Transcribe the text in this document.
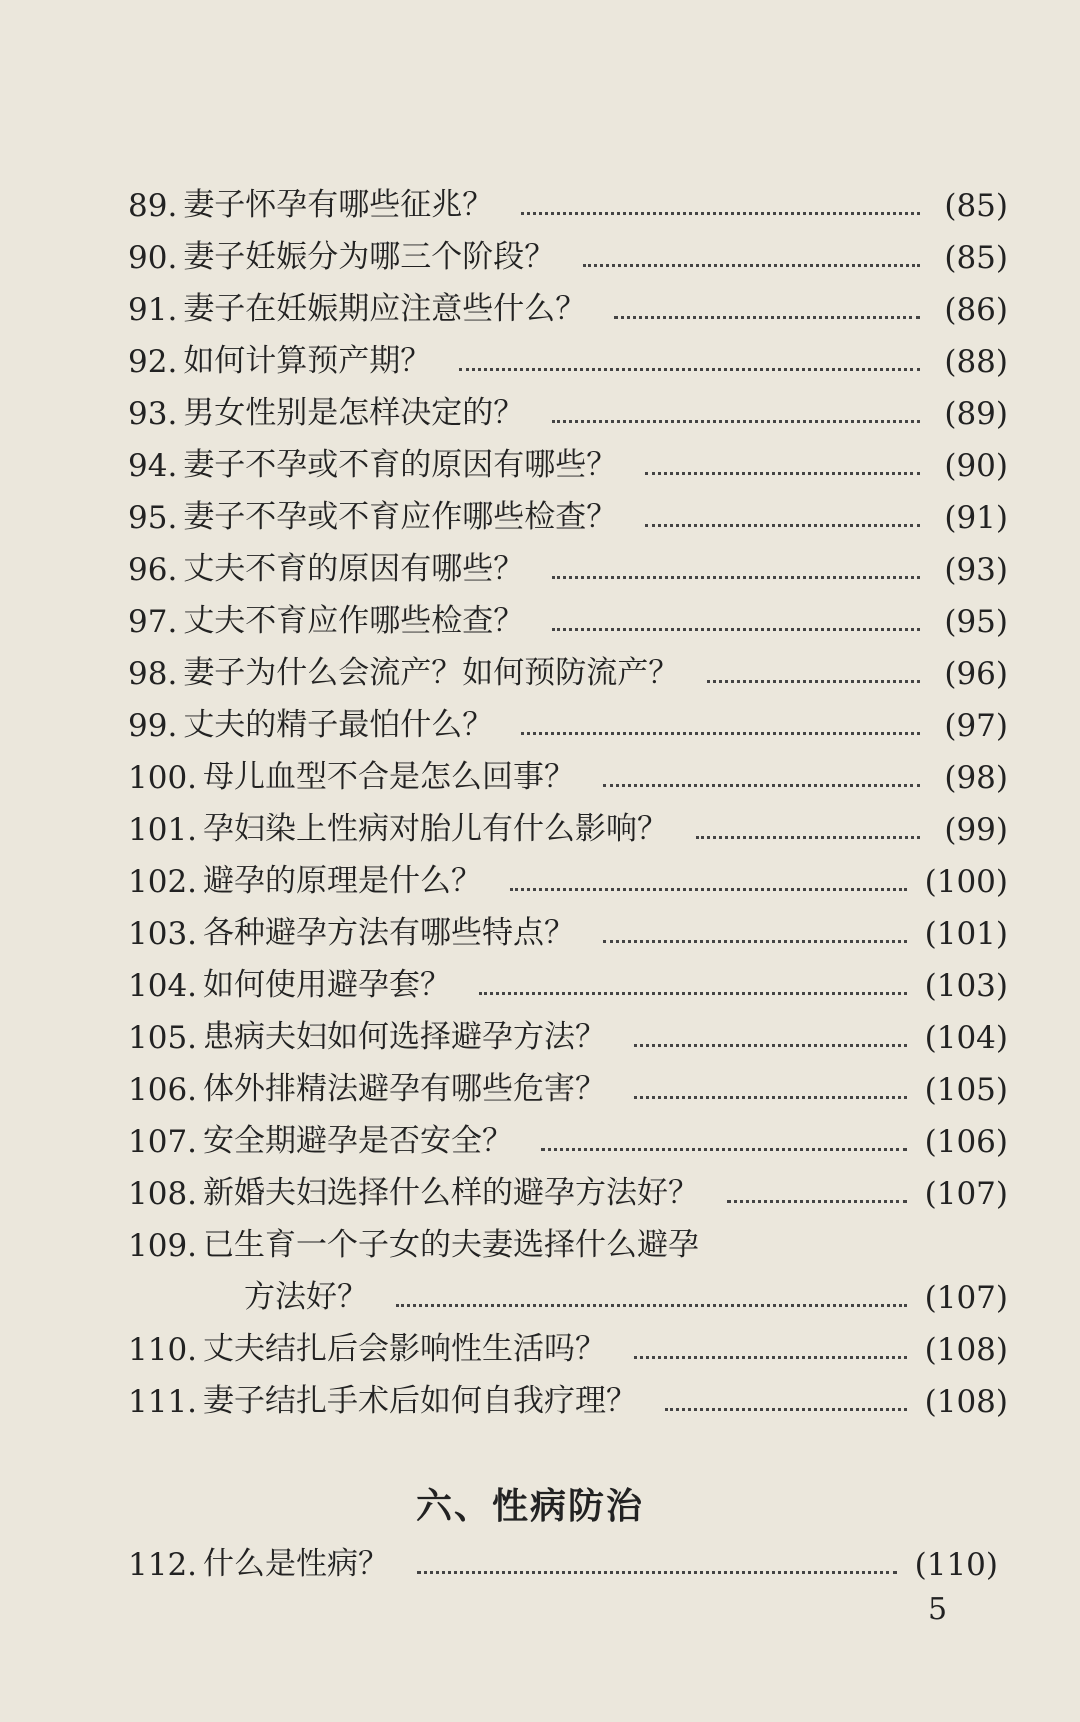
89. 妻子怀孕有哪些征兆？	(85)
90. 妻子妊娠分为哪三个阶段？	(85)
91. 妻子在妊娠期应注意些什么？	(86)
92. 如何计算预产期？	(88)
93. 男女性别是怎样决定的？	(89)
94. 妻子不孕或不育的原因有哪些？	(90)
95. 妻子不孕或不育应作哪些检查？	(91)
96. 丈夫不育的原因有哪些？	(93)
97. 丈夫不育应作哪些检查？	(95)
98. 妻子为什么会流产？如何预防流产？	(96)
99. 丈夫的精子最怕什么？	(97)
100. 母儿血型不合是怎么回事？	(98)
101. 孕妇染上性病对胎儿有什么影响？	(99)
102. 避孕的原理是什么？	(100)
103. 各种避孕方法有哪些特点？	(101)
104. 如何使用避孕套？	(103)
105. 患病夫妇如何选择避孕方法？	(104)
106. 体外排精法避孕有哪些危害？	(105)
107. 安全期避孕是否安全？	(106)
108. 新婚夫妇选择什么样的避孕方法好？	(107)
109. 已生育一个子女的夫妻选择什么避孕
方法好？	(107)
110. 丈夫结扎后会影响性生活吗？	(108)
111. 妻子结扎手术后如何自我疗理？	(108)
六、性病防治
112. 什么是性病？	(110)
5
